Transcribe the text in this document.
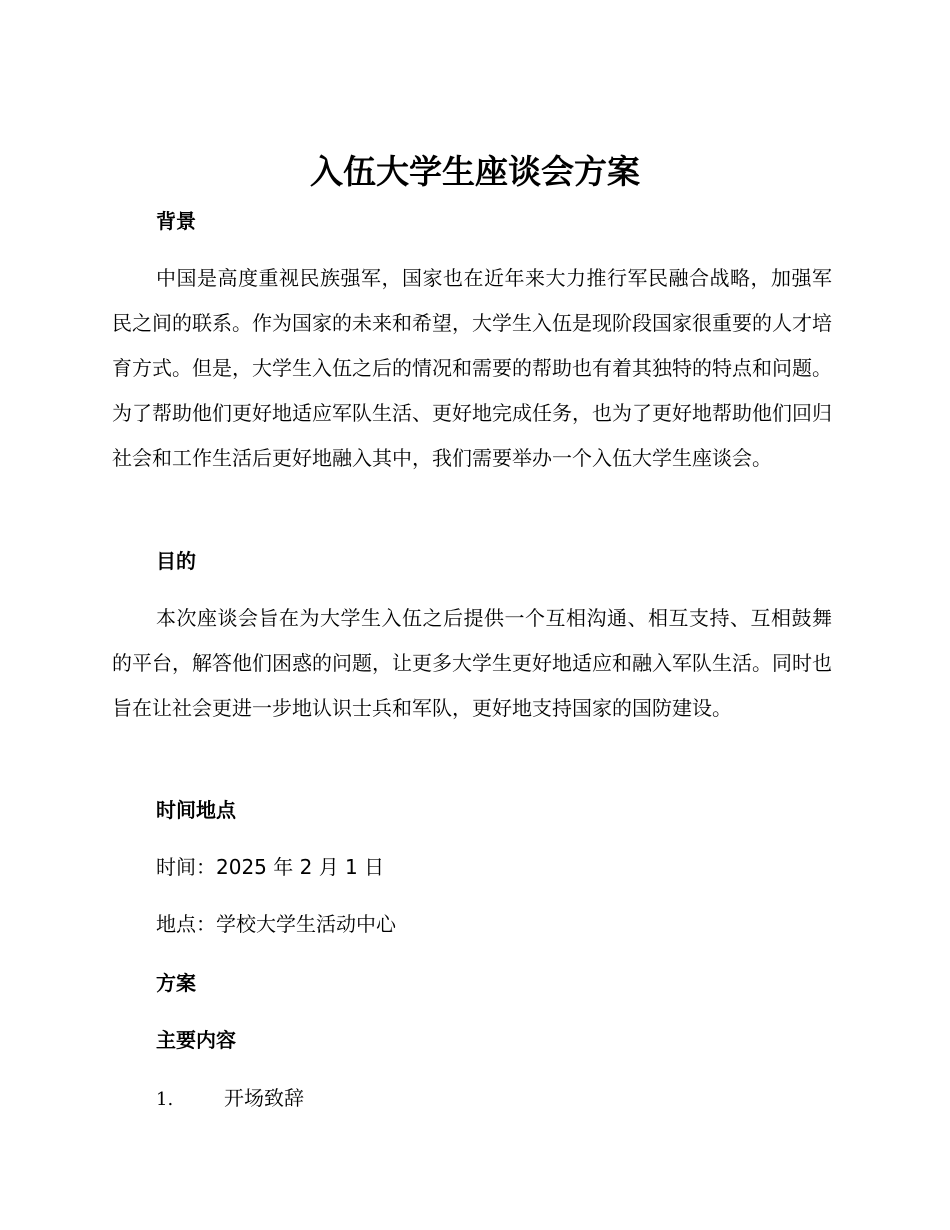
入伍大学生座谈会方案
背景

中国是高度重视民族强军，国家也在近年来大力推行军民融合战略，加强军民之间的联系。作为国家的未来和希望，大学生入伍是现阶段国家很重要的人才培育方式。但是，大学生入伍之后的情况和需要的帮助也有着其独特的特点和问题。为了帮助他们更好地适应军队生活、更好地完成任务，也为了更好地帮助他们回归社会和工作生活后更好地融入其中，我们需要举办一个入伍大学生座谈会。

目的

本次座谈会旨在为大学生入伍之后提供一个互相沟通、相互支持、互相鼓舞的平台，解答他们困惑的问题，让更多大学生更好地适应和融入军队生活。同时也旨在让社会更进一步地认识士兵和军队，更好地支持国家的国防建设。

时间地点

时间：2025 年 2 月 1 日

地点：学校大学生活动中心

方案
主要内容

1.	开场致辞
